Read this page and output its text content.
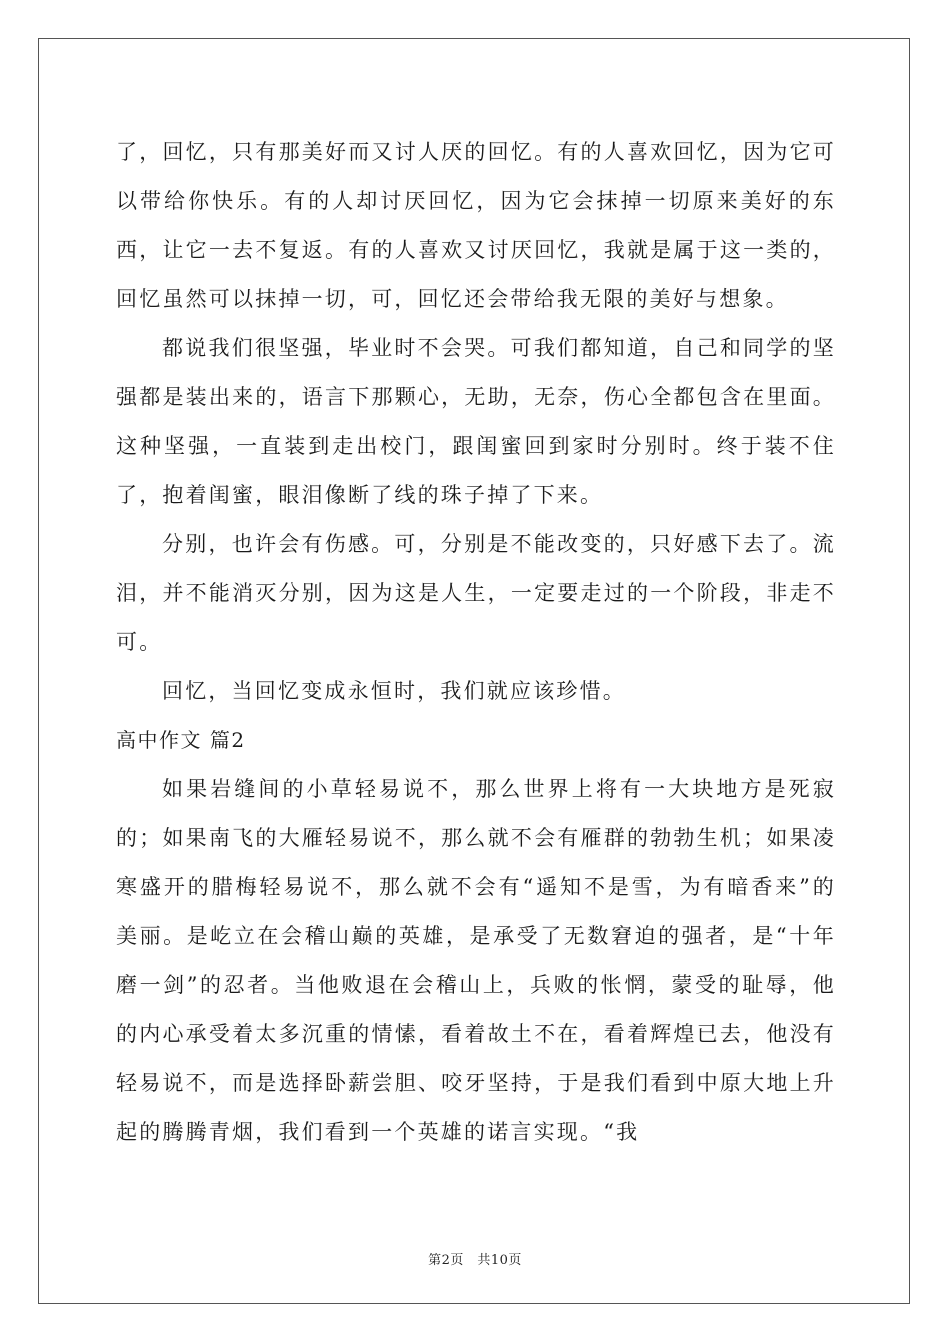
了，回忆，只有那美好而又讨人厌的回忆。有的人喜欢回忆，因为它可以带给你快乐。有的人却讨厌回忆，因为它会抹掉一切原来美好的东西，让它一去不复返。有的人喜欢又讨厌回忆，我就是属于这一类的，回忆虽然可以抹掉一切，可，回忆还会带给我无限的美好与想象。

都说我们很坚强，毕业时不会哭。可我们都知道，自己和同学的坚强都是装出来的，语言下那颗心，无助，无奈，伤心全都包含在里面。这种坚强，一直装到走出校门，跟闺蜜回到家时分别时。终于装不住了，抱着闺蜜，眼泪像断了线的珠子掉了下来。

分别，也许会有伤感。可，分别是不能改变的，只好感下去了。流泪，并不能消灭分别，因为这是人生，一定要走过的一个阶段，非走不可。

回忆，当回忆变成永恒时，我们就应该珍惜。

高中作文 篇2

如果岩缝间的小草轻易说不，那么世界上将有一大块地方是死寂的；如果南飞的大雁轻易说不，那么就不会有雁群的勃勃生机；如果凌寒盛开的腊梅轻易说不，那么就不会有“遥知不是雪，为有暗香来”的美丽。是屹立在会稽山巅的英雄，是承受了无数窘迫的强者，是“十年磨一剑”的忍者。当他败退在会稽山上，兵败的怅惘，蒙受的耻辱，他的内心承受着太多沉重的情愫，看着故土不在，看着辉煌已去，他没有轻易说不，而是选择卧薪尝胆、咬牙坚持，于是我们看到中原大地上升起的腾腾青烟，我们看到一个英雄的诺言实现。“我

第2页　共10页
